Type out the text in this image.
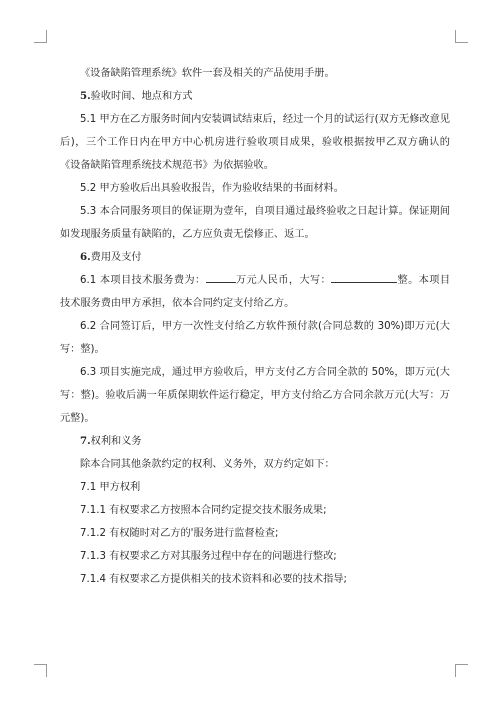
《设备缺陷管理系统》软件一套及相关的产品使用手册。

5.验收时间、地点和方式

5.1 甲方在乙方服务时间内安装调试结束后，经过一个月的试运行(双方无修改意见后)，三个工作日内在甲方中心机房进行验收项目成果，验收根据按甲乙双方确认的《设备缺陷管理系统技术规范书》为依据验收。

5.2 甲方验收后出具验收报告，作为验收结果的书面材料。

5.3 本合同服务项目的保证期为壹年，自项目通过最终验收之日起计算。保证期间如发现服务质量有缺陷的，乙方应负责无偿修正、返工。

6.费用及支付

6.1 本项目技术服务费为：	万元人民币，大写：	整。本项目技术服务费由甲方承担，依本合同约定支付给乙方。

6.2 合同签订后，甲方一次性支付给乙方软件预付款(合同总数的 30%)即万元(大写：整)。

6.3 项目实施完成，通过甲方验收后，甲方支付乙方合同全款的 50%，即万元(大写：整)。验收后满一年质保期软件运行稳定，甲方支付给乙方合同余款万元(大写：万元整)。

7.权利和义务

除本合同其他条款约定的权利、义务外，双方约定如下：

7.1 甲方权利

7.1.1 有权要求乙方按照本合同约定提交技术服务成果;

7.1.2 有权随时对乙方的'服务进行监督检查;

7.1.3 有权要求乙方对其服务过程中存在的问题进行整改;

7.1.4 有权要求乙方提供相关的技术资料和必要的技术指导;
